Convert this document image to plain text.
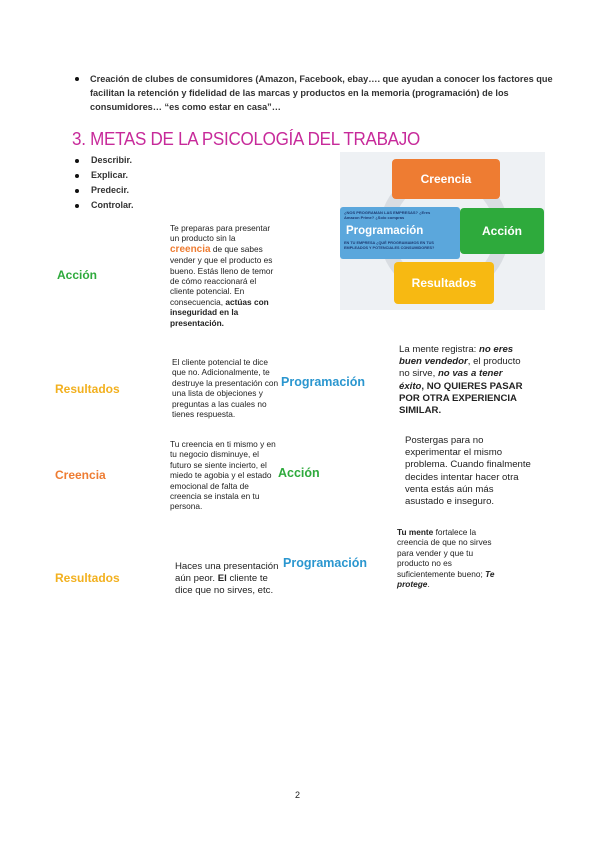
Creación de clubes de consumidores (Amazon, Facebook, ebay…. que ayudan a conocer los factores que facilitan la retención y fidelidad de las marcas y productos en la memoria (programación) de los consumidores… “es como estar en casa”…
3. METAS DE LA PSICOLOGÍA DEL TRABAJO
Describir.
Explicar.
Predecir.
Controlar.
Creencia
Acción
Resultados
¿NOS PROGRAMAN LAS EMPRESAS? ¿Eres Amazon Prime? ¿Solo compras
Programación
EN TU EMPRESA ¿QUÉ PROGRAMAMOS EN TUS EMPLEADOS Y POTENCIALES CONSUMIDORES?
Acción
Te preparas para presentar un producto sin la creencia de que sabes vender y que el producto es bueno. Estás lleno de temor de cómo reaccionará el cliente potencial. En consecuencia, actúas con inseguridad en la presentación.
Resultados
El cliente potencial te dice que no. Adicionalmente, te destruye la presentación con una lista de objeciones y preguntas a las cuales no tienes respuesta.
Programación
La mente registra: no eres buen vendedor, el producto no sirve, no vas a tener éxito, NO QUIERES PASAR POR OTRA EXPERIENCIA SIMILAR.
Creencia
Tu creencia en ti mismo y en tu negocio disminuye, el futuro se siente incierto, el miedo te agobia y el estado emocional de falta de creencia se instala en tu persona.
Acción
Postergas para no experimentar el mismo problema. Cuando finalmente decides intentar hacer otra venta estás aún más asustado e inseguro.
Resultados
Haces una presentación aún peor. El cliente te dice que no sirves, etc.
Programación
Tu mente fortalece la creencia de que no sirves para vender y que tu producto no es suficientemente bueno; Te protege.
2
